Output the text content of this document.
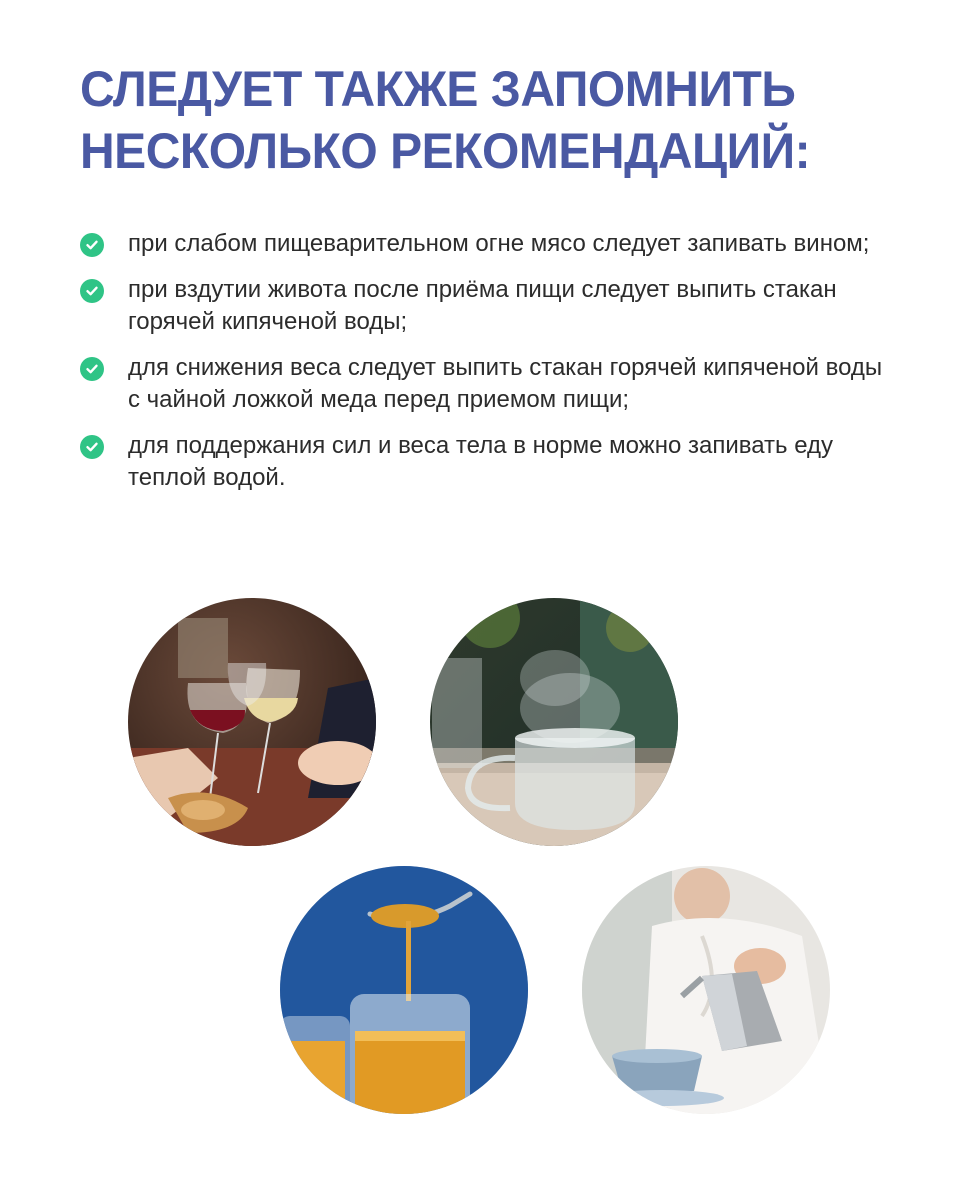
СЛЕДУЕТ ТАКЖЕ ЗАПОМНИТЬ
НЕСКОЛЬКО РЕКОМЕНДАЦИЙ:
при слабом пищеварительном огне мясо следует запивать вином;
при вздутии живота после приёма пищи следует выпить стакан горячей кипяченой воды;
для снижения веса следует выпить стакан горячей кипяченой воды с чайной ложкой меда перед приемом пищи;
для поддержания сил и веса тела в норме можно запивать еду теплой водой.
